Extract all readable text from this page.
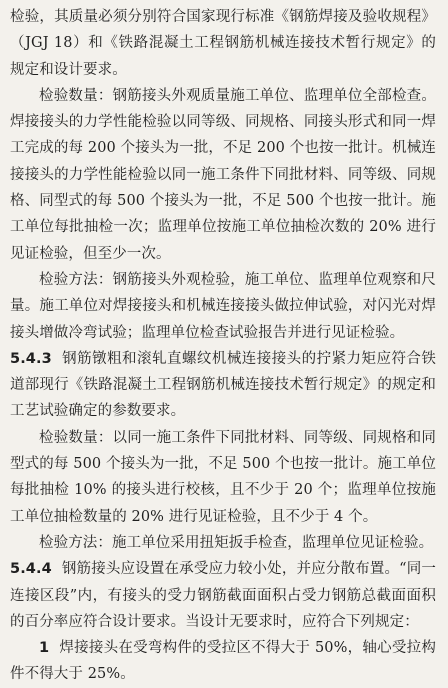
检验，其质量必须分别符合国家现行标准《钢筋焊接及验收规程》（JGJ 18）和《铁路混凝土工程钢筋机械连接技术暂行规定》的规定和设计要求。

检验数量：钢筋接头外观质量施工单位、监理单位全部检查。焊接接头的力学性能检验以同等级、同规格、同接头形式和同一焊工完成的每 200 个接头为一批，不足 200 个也按一批计。机械连接接头的力学性能检验以同一施工条件下同批材料、同等级、同规格、同型式的每 500 个接头为一批，不足 500 个也按一批计。施工单位每批抽检一次；监理单位按施工单位抽检次数的 20% 进行见证检验，但至少一次。

检验方法：钢筋接头外观检验，施工单位、监理单位观察和尺量。施工单位对焊接接头和机械连接接头做拉伸试验，对闪光对焊接头增做冷弯试验；监理单位检查试验报告并进行见证检验。

5.4.3 钢筋镦粗和滚轧直螺纹机械连接接头的拧紧力矩应符合铁道部现行《铁路混凝土工程钢筋机械连接技术暂行规定》的规定和工艺试验确定的参数要求。

检验数量：以同一施工条件下同批材料、同等级、同规格和同型式的每 500 个接头为一批，不足 500 个也按一批计。施工单位每批抽检 10% 的接头进行校核，且不少于 20 个；监理单位按施工单位抽检数量的 20% 进行见证检验，且不少于 4 个。

检验方法：施工单位采用扭矩扳手检查，监理单位见证检验。

5.4.4 钢筋接头应设置在承受应力较小处，并应分散布置。“同一连接区段”内，有接头的受力钢筋截面面积占受力钢筋总截面面积的百分率应符合设计要求。当设计无要求时，应符合下列规定：

1 焊接接头在受弯构件的受拉区不得大于 50%，轴心受拉构件不得大于 25%。
